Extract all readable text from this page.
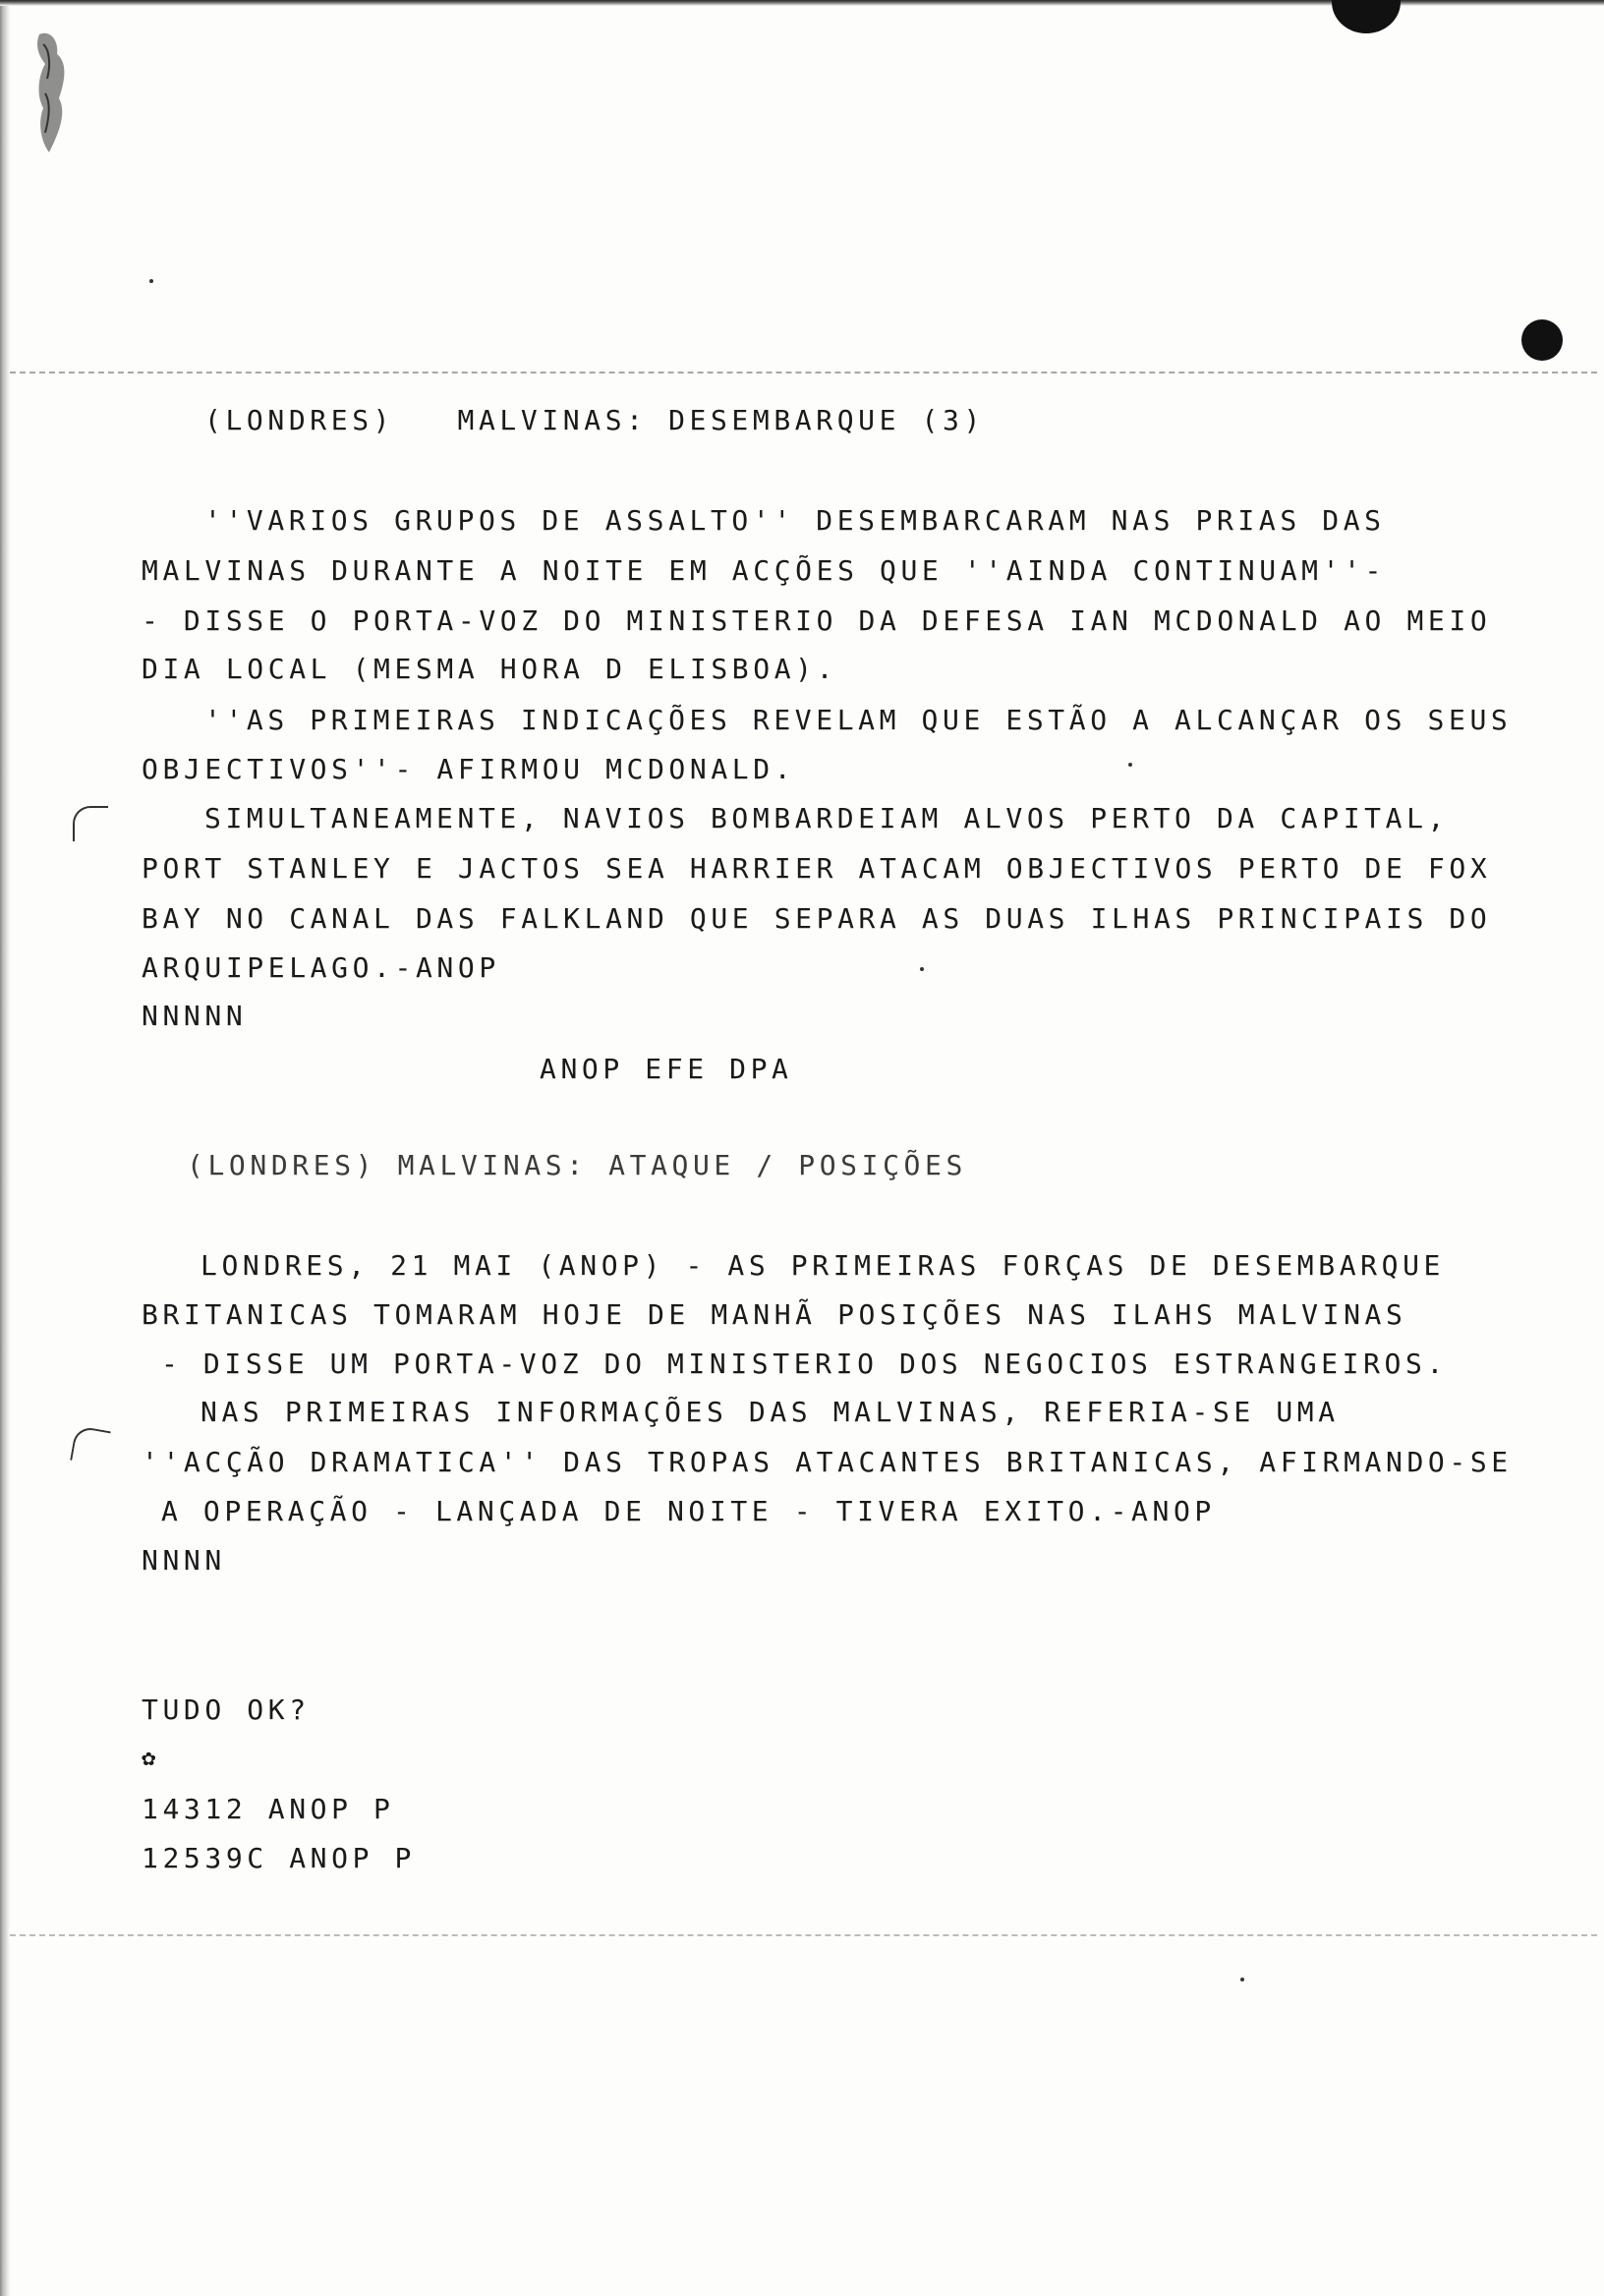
(LONDRES)   MALVINAS: DESEMBARQUE (3)
''VARIOS GRUPOS DE ASSALTO'' DESEMBARCARAM NAS PRIAS DAS
MALVINAS DURANTE A NOITE EM ACÇÕES QUE ''AINDA CONTINUAM''-
- DISSE O PORTA-VOZ DO MINISTERIO DA DEFESA IAN MCDONALD AO MEIO
DIA LOCAL (MESMA HORA D ELISBOA).
''AS PRIMEIRAS INDICAÇÕES REVELAM QUE ESTÃO A ALCANÇAR OS SEUS
OBJECTIVOS''- AFIRMOU MCDONALD.
SIMULTANEAMENTE, NAVIOS BOMBARDEIAM ALVOS PERTO DA CAPITAL,
PORT STANLEY E JACTOS SEA HARRIER ATACAM OBJECTIVOS PERTO DE FOX
BAY NO CANAL DAS FALKLAND QUE SEPARA AS DUAS ILHAS PRINCIPAIS DO
ARQUIPELAGO.-ANOP
NNNNN
ANOP EFE DPA
(LONDRES) MALVINAS: ATAQUE / POSIÇÕES
LONDRES, 21 MAI (ANOP) - AS PRIMEIRAS FORÇAS DE DESEMBARQUE
BRITANICAS TOMARAM HOJE DE MANHÃ POSIÇÕES NAS ILAHS MALVINAS
- DISSE UM PORTA-VOZ DO MINISTERIO DOS NEGOCIOS ESTRANGEIROS.
NAS PRIMEIRAS INFORMAÇÕES DAS MALVINAS, REFERIA-SE UMA
''ACÇÃO DRAMATICA'' DAS TROPAS ATACANTES BRITANICAS, AFIRMANDO-SE
A OPERAÇÃO - LANÇADA DE NOITE - TIVERA EXITO.-ANOP
NNNN
TUDO OK?
✿
14312 ANOP P
12539C ANOP P
